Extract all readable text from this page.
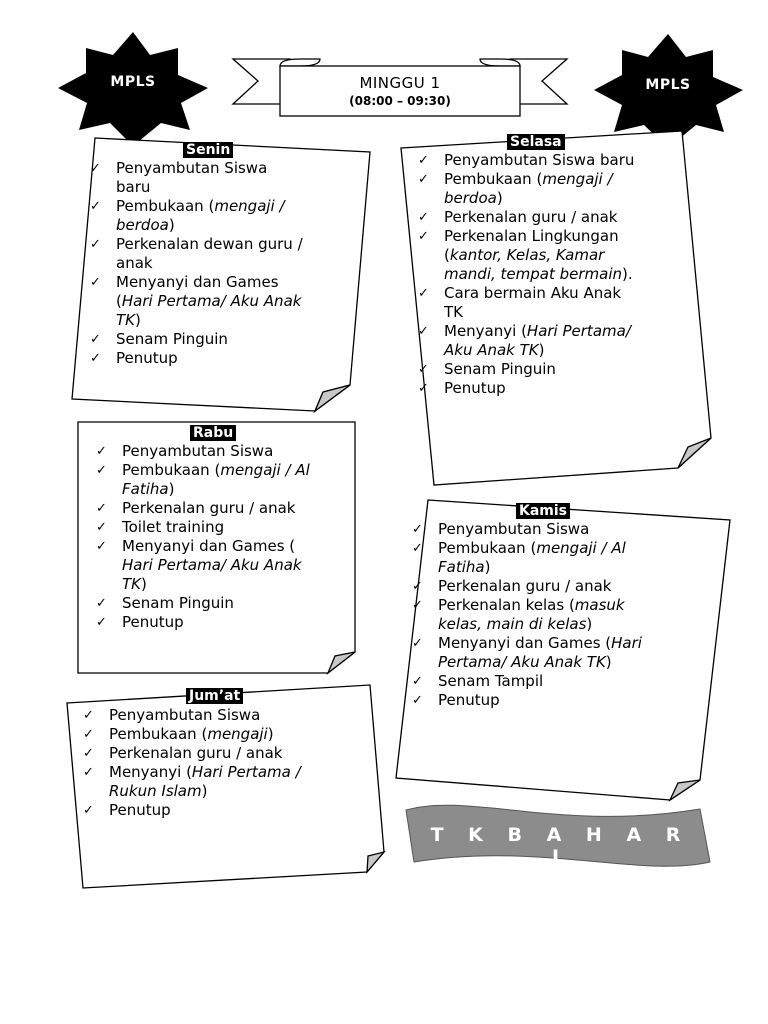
MPLS	MPLS
MINGGU 1
(08:00 – 09:30)
Senin	Selasa
Rabu
Kamis
Jum’at
✓ Penyambutan Siswa
baru
✓ Pembukaan (mengaji /
berdoa)
✓ Perkenalan dewan guru /
anak
✓ Menyanyi dan Games
(Hari Pertama/ Aku Anak
TK)
✓ Senam Pinguin
✓ Penutup
✓ Penyambutan Siswa baru
✓ Pembukaan (mengaji /
berdoa)
✓ Perkenalan guru / anak
✓ Perkenalan Lingkungan
(kantor, Kelas, Kamar
mandi, tempat bermain).
✓ Cara bermain Aku Anak
TK
✓ Menyanyi (Hari Pertama/
Aku Anak TK)
✓ Senam Pinguin
✓ Penutup
✓ Penyambutan Siswa
✓ Pembukaan (mengaji / Al
Fatiha)
✓ Perkenalan guru / anak
✓ Toilet training
✓ Menyanyi dan Games (
Hari Pertama/ Aku Anak
TK)
✓ Senam Pinguin
✓ Penutup
✓ Penyambutan Siswa
✓ Pembukaan (mengaji / Al
Fatiha)
✓ Perkenalan guru / anak
✓ Perkenalan kelas (masuk
kelas, main di kelas)
✓ Menyanyi dan Games (Hari
Pertama/ Aku Anak TK)
✓ Senam Tampil
✓ Penutup
✓ Penyambutan Siswa
✓ Pembukaan (mengaji)
✓ Perkenalan guru / anak
✓ Menyanyi (Hari Pertama /
Rukun Islam)
✓ Penutup
T K B A H A R I
